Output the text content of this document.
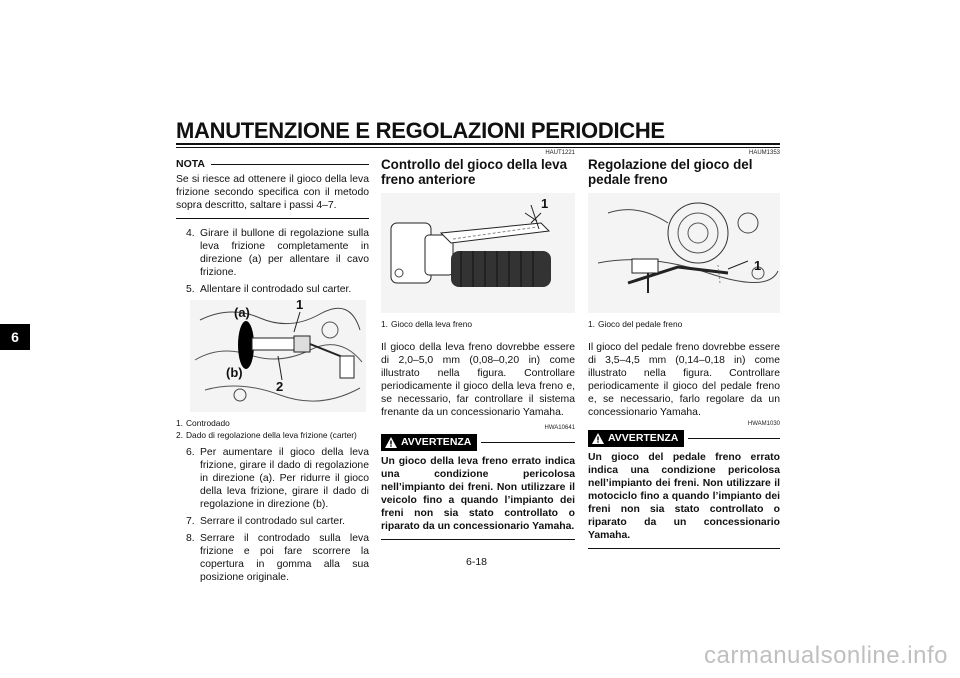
MANUTENZIONE E REGOLAZIONI PERIODICHE
6
NOTA

Se si riesce ad ottenere il gioco della leva frizione secondo specifica con il metodo sopra descritto, saltare i passi 4–7.

4. Girare il bullone di regolazione sulla leva frizione completamente in direzione (a) per allentare il cavo frizione.
5. Allentare il controdado sul carter.
(a)
(b)
1
2
1. Controdado
2. Dado di regolazione della leva frizione (carter)
6. Per aumentare il gioco della leva frizione, girare il dado di regolazione in direzione (a). Per ridurre il gioco della leva frizione, girare il dado di regolazione in direzione (b).
7. Serrare il controdado sul carter.
8. Serrare il controdado sulla leva frizione e poi fare scorrere la copertura in gomma alla sua posizione originale.
HAUT1221
Controllo del gioco della leva freno anteriore
1
1. Gioco della leva freno

Il gioco della leva freno dovrebbe essere di 2,0–5,0 mm (0,08–0,20 in) come illustrato nella figura. Controllare periodicamente il gioco della leva freno e, se necessario, far controllare il sistema frenante da un concessionario Yamaha.

HWA10641
AVVERTENZA

Un gioco della leva freno errato indica una condizione pericolosa nell’impianto dei freni. Non utilizzare il veicolo fino a quando l’impianto dei freni non sia stato controllato o riparato da un concessionario Yamaha.

HAUM1353
Regolazione del gioco del pedale freno
1
1. Gioco del pedale freno

Il gioco del pedale freno dovrebbe essere di 3,5–4,5 mm (0,14–0,18 in) come illustrato nella figura. Controllare periodicamente il gioco del pedale freno e, se necessario, farlo regolare da un concessionario Yamaha.

HWAM1030
AVVERTENZA

Un gioco del pedale freno errato indica una condizione pericolosa nell’impianto dei freni. Non utilizzare il motociclo fino a quando l’impianto dei freni non sia stato controllato o riparato da un concessionario Yamaha.

6-18
carmanualsonline.info
